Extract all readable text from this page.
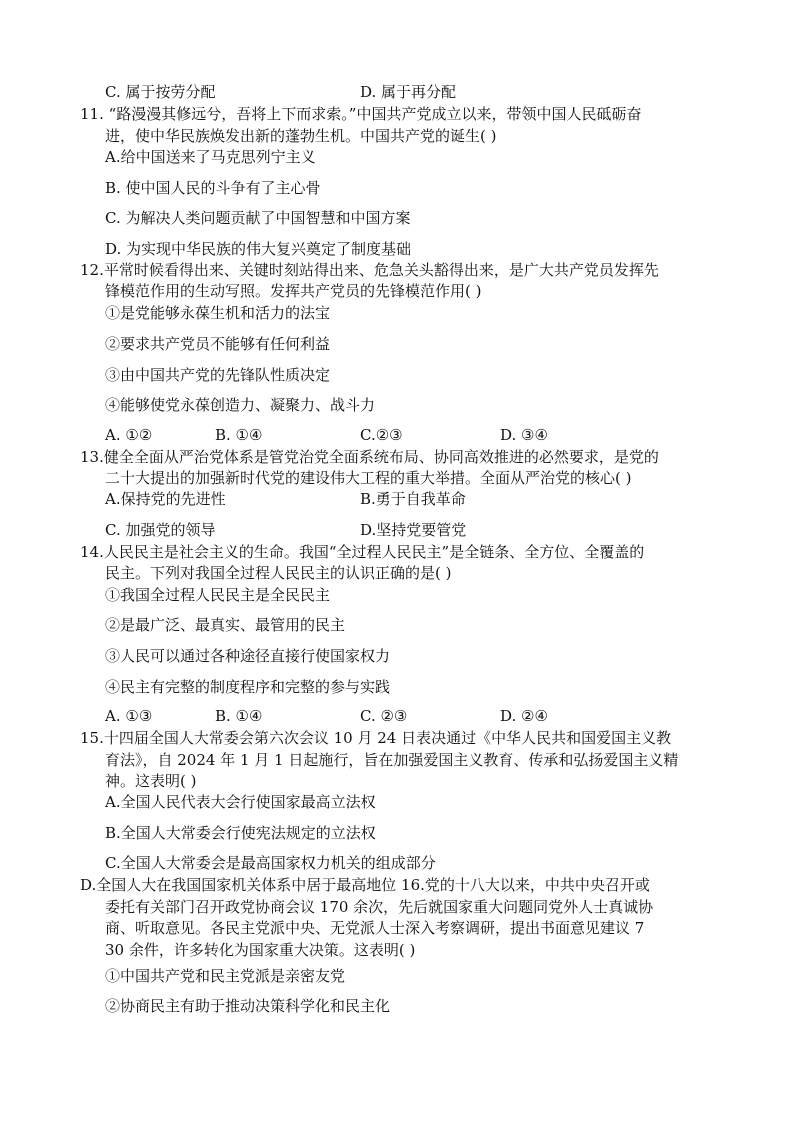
C. 属于按劳分配	D. 属于再分配
11. “路漫漫其修远兮，吾将上下而求索。”中国共产党成立以来，带领中国人民砥砺奋
进，使中华民族焕发出新的蓬勃生机。中国共产党的诞生( )
A.给中国送来了马克思列宁主义
B. 使中国人民的斗争有了主心骨
C. 为解决人类问题贡献了中国智慧和中国方案
D. 为实现中华民族的伟大复兴奠定了制度基础
12.平常时候看得出来、关键时刻站得出来、危急关头豁得出来，是广大共产党员发挥先
锋模范作用的生动写照。发挥共产党员的先锋模范作用( )
①是党能够永葆生机和活力的法宝
②要求共产党员不能够有任何利益
③由中国共产党的先锋队性质决定
④能够使党永葆创造力、凝聚力、战斗力
A. ①②	B. ①④	C.②③	D. ③④
13.健全全面从严治党体系是管党治党全面系统布局、协同高效推进的必然要求，是党的
二十大提出的加强新时代党的建设伟大工程的重大举措。全面从严治党的核心( )
A.保持党的先进性	B.勇于自我革命
C. 加强党的领导	D.坚持党要管党
14.人民民主是社会主义的生命。我国“全过程人民民主”是全链条、全方位、全覆盖的
民主。下列对我国全过程人民民主的认识正确的是( )
①我国全过程人民民主是全民民主
②是最广泛、最真实、最管用的民主
③人民可以通过各种途径直接行使国家权力
④民主有完整的制度程序和完整的参与实践
A. ①③	B. ①④	C. ②③	D. ②④
15.十四届全国人大常委会第六次会议 10 月 24 日表决通过《中华人民共和国爱国主义教
育法》，自 2024 年 1 月 1 日起施行，旨在加强爱国主义教育、传承和弘扬爱国主义精
神。这表明( )
A.全国人民代表大会行使国家最高立法权
B.全国人大常委会行使宪法规定的立法权
C.全国人大常委会是最高国家权力机关的组成部分
D.全国人大在我国国家机关体系中居于最高地位 16.党的十八大以来，中共中央召开或
委托有关部门召开政党协商会议 170 余次，先后就国家重大问题同党外人士真诚协
商、听取意见。各民主党派中央、无党派人士深入考察调研，提出书面意见建议 7
30 余件，许多转化为国家重大决策。这表明( )
①中国共产党和民主党派是亲密友党
②协商民主有助于推动决策科学化和民主化
